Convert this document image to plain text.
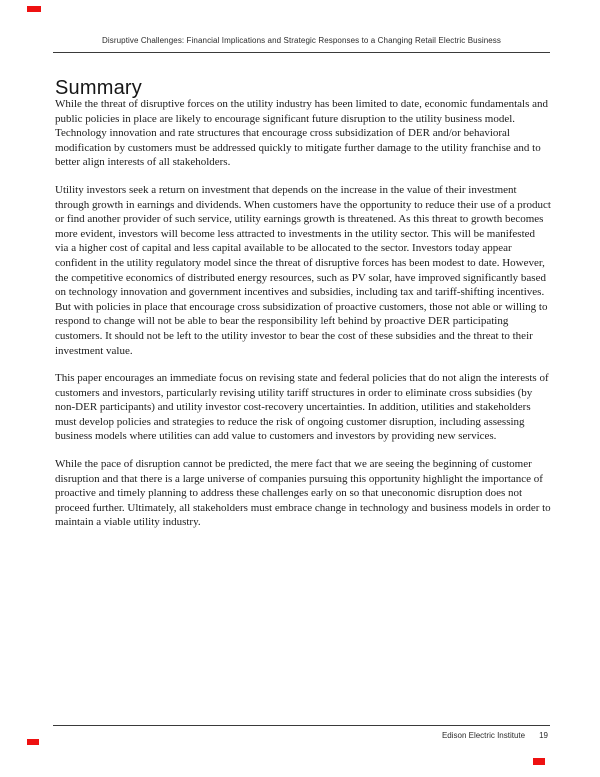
Disruptive Challenges: Financial Implications and Strategic Responses to a Changing Retail Electric Business
Summary

While the threat of disruptive forces on the utility industry has been limited to date, economic fundamentals and public policies in place are likely to encourage significant future disruption to the utility business model. Technology innovation and rate structures that encourage cross subsidization of DER and/or behavioral modification by customers must be addressed quickly to mitigate further damage to the utility franchise and to better align interests of all stakeholders.

Utility investors seek a return on investment that depends on the increase in the value of their investment through growth in earnings and dividends. When customers have the opportunity to reduce their use of a product or find another provider of such service, utility earnings growth is threatened. As this threat to growth becomes more evident, investors will become less attracted to investments in the utility sector. This will be manifested via a higher cost of capital and less capital available to be allocated to the sector. Investors today appear confident in the utility regulatory model since the threat of disruptive forces has been modest to date. However, the competitive economics of distributed energy resources, such as PV solar, have improved significantly based on technology innovation and government incentives and subsidies, including tax and tariff-shifting incentives. But with policies in place that encourage cross subsidization of proactive customers, those not able or willing to respond to change will not be able to bear the responsibility left behind by proactive DER participating customers. It should not be left to the utility investor to bear the cost of these subsidies and the threat to their investment value.

This paper encourages an immediate focus on revising state and federal policies that do not align the interests of customers and investors, particularly revising utility tariff structures in order to eliminate cross subsidies (by non-DER participants) and utility investor cost-recovery uncertainties. In addition, utilities and stakeholders must develop policies and strategies to reduce the risk of ongoing customer disruption, including assessing business models where utilities can add value to customers and investors by providing new services.

While the pace of disruption cannot be predicted, the mere fact that we are seeing the beginning of customer disruption and that there is a large universe of companies pursuing this opportunity highlight the importance of proactive and timely planning to address these challenges early on so that uneconomic disruption does not proceed further. Ultimately, all stakeholders must embrace change in technology and business models in order to maintain a viable utility industry.

Edison Electric Institute 19
